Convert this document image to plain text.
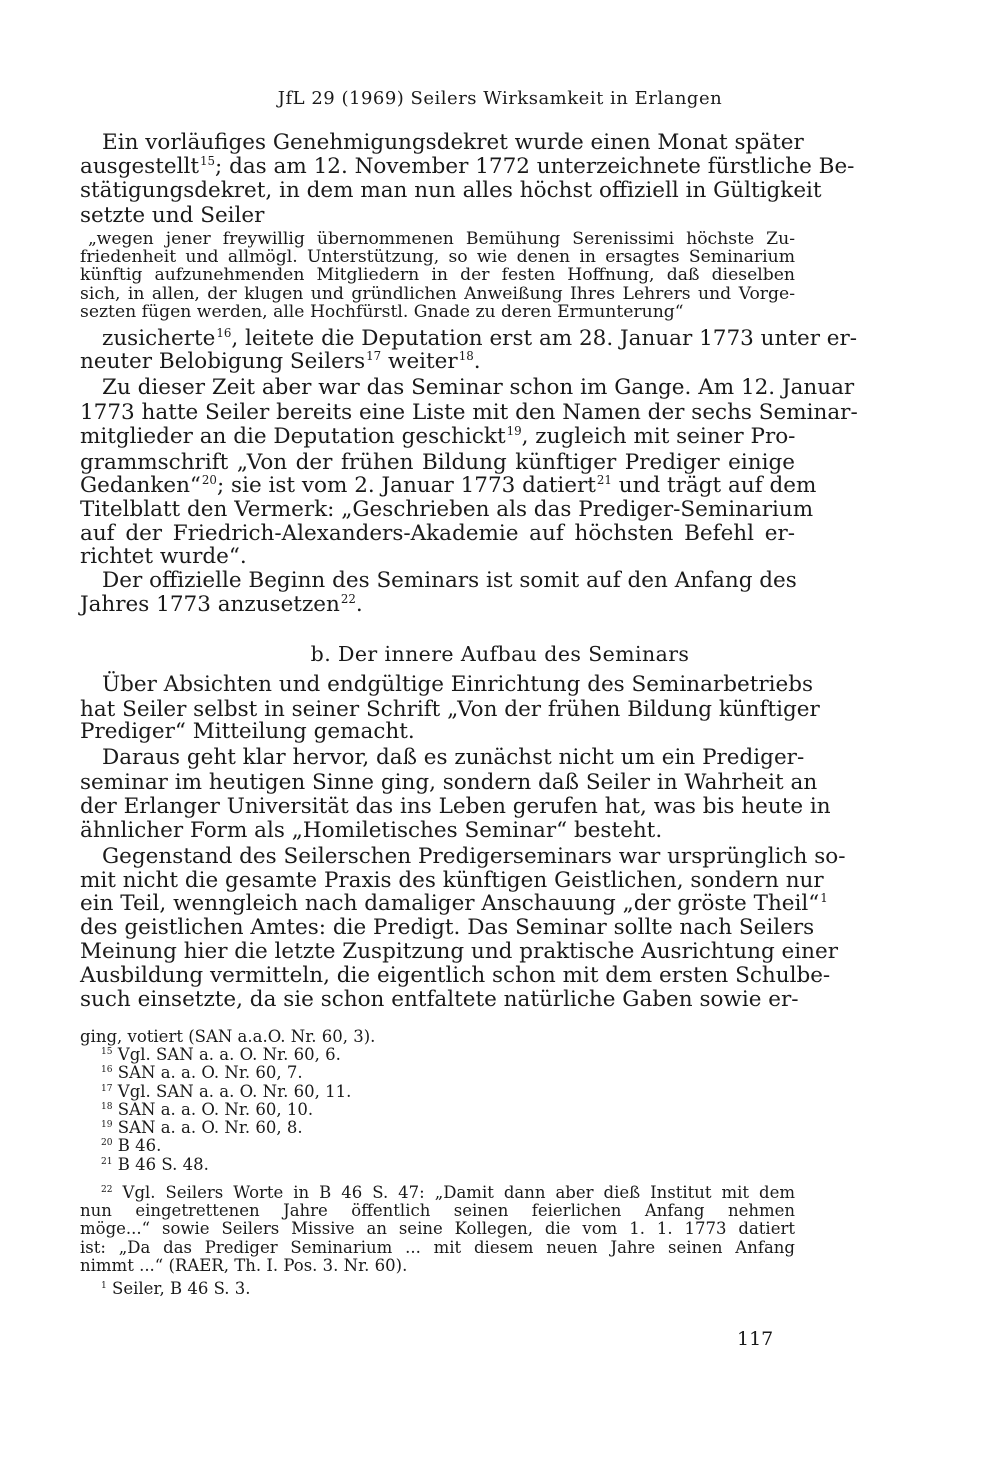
JfL 29 (1969) Seilers Wirksamkeit in Erlangen
Ein vorläufiges Genehmigungsdekret wurde einen Monat später
ausgestellt$^{15}$; das am 12. November 1772 unterzeichnete fürstliche Be-
stätigungsdekret, in dem man nun alles höchst offiziell in Gültigkeit
setzte und Seiler
„wegen jener freywillig übernommenen Bemühung Serenissimi höchste Zu-
friedenheit und allmögl. Unterstützung, so wie denen in ersagtes Seminarium
künftig aufzunehmenden Mitgliedern in der festen Hoffnung, daß dieselben
sich, in allen, der klugen und gründlichen Anweißung Ihres Lehrers und Vorge-
sezten fügen werden, alle Hochfürstl. Gnade zu deren Ermunterung“
zusicherte$^{16}$, leitete die Deputation erst am 28. Januar 1773 unter er-
neuter Belobigung Seilers$^{17}$ weiter$^{18}$.
Zu dieser Zeit aber war das Seminar schon im Gange. Am 12. Januar
1773 hatte Seiler bereits eine Liste mit den Namen der sechs Seminar-
mitglieder an die Deputation geschickt$^{19}$, zugleich mit seiner Pro-
grammschrift „Von der frühen Bildung künftiger Prediger einige
Gedanken“$^{20}$; sie ist vom 2. Januar 1773 datiert$^{21}$ und trägt auf dem
Titelblatt den Vermerk: „Geschrieben als das Prediger-Seminarium
auf der Friedrich-Alexanders-Akademie auf höchsten Befehl er-
richtet wurde“.
Der offizielle Beginn des Seminars ist somit auf den Anfang des
Jahres 1773 anzusetzen$^{22}$.
Über Absichten und endgültige Einrichtung des Seminarbetriebs
hat Seiler selbst in seiner Schrift „Von der frühen Bildung künftiger
Prediger“ Mitteilung gemacht.
Daraus geht klar hervor, daß es zunächst nicht um ein Prediger-
seminar im heutigen Sinne ging, sondern daß Seiler in Wahrheit an
der Erlanger Universität das ins Leben gerufen hat, was bis heute in
ähnlicher Form als „Homiletisches Seminar“ besteht.
Gegenstand des Seilerschen Predigerseminars war ursprünglich so-
mit nicht die gesamte Praxis des künftigen Geistlichen, sondern nur
ein Teil, wenngleich nach damaliger Anschauung „der gröste Theil“$^1$
des geistlichen Amtes: die Predigt. Das Seminar sollte nach Seilers
Meinung hier die letzte Zuspitzung und praktische Ausrichtung einer
Ausbildung vermitteln, die eigentlich schon mit dem ersten Schulbe-
such einsetzte, da sie schon entfaltete natürliche Gaben sowie er-
b. Der innere Aufbau des Seminars
ging, votiert (SAN a.a.O. Nr. 60, 3).
$^{15}$ Vgl. SAN a. a. O. Nr. 60, 6.
$^{16}$ SAN a. a. O. Nr. 60, 7.
$^{17}$ Vgl. SAN a. a. O. Nr. 60, 11.
$^{18}$ SAN a. a. O. Nr. 60, 10.
$^{19}$ SAN a. a. O. Nr. 60, 8.
$^{20}$ B 46.
$^{21}$ B 46 S. 48.
$^{22}$ Vgl. Seilers Worte in B 46 S. 47: „Damit dann aber dieß Institut mit dem
nun eingetrettenen Jahre öffentlich seinen feierlichen Anfang nehmen
möge...“ sowie Seilers Missive an seine Kollegen, die vom 1. 1. 1773 datiert
ist: „Da das Prediger Seminarium ... mit diesem neuen Jahre seinen Anfang
nimmt ...“ (RAER, Th. I. Pos. 3. Nr. 60).
$^1$ Seiler, B 46 S. 3.
117
